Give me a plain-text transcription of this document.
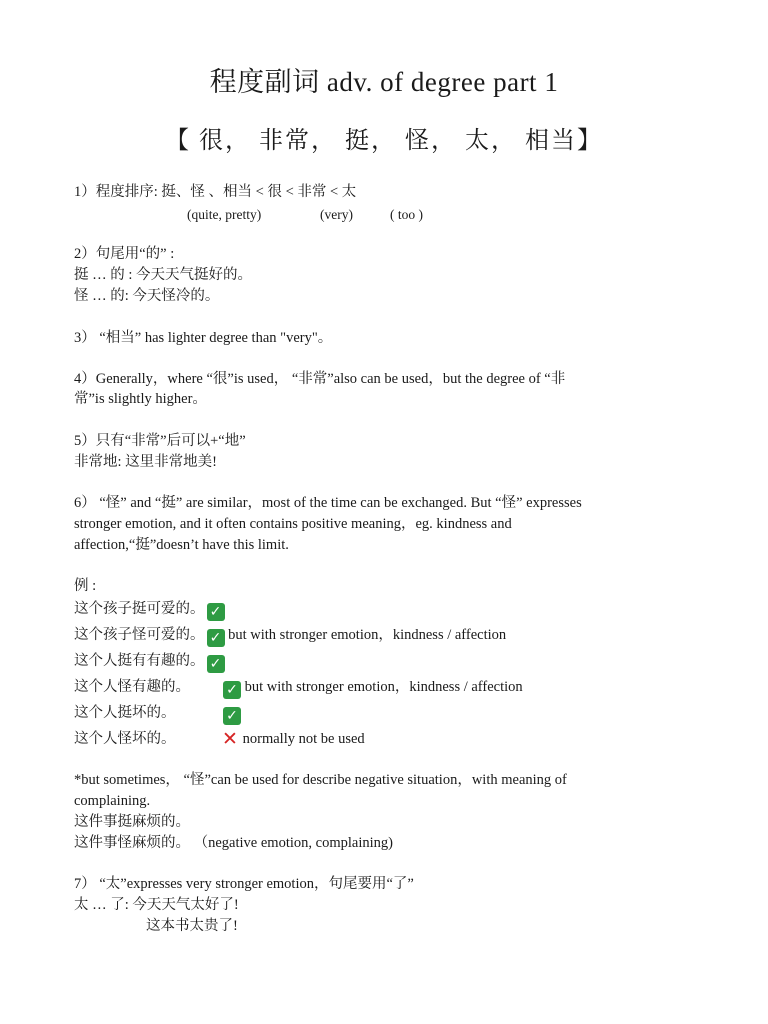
程度副词 adv. of degree part 1
【 很， 非常， 挺， 怪， 太， 相当】
1）程度排序: 挺、怪 、相当 < 很 < 非常 < 太
(quite, pretty)	(very)	( too )
2）句尾用“的” :
挺 … 的 : 今天天气挺好的。
怪 … 的: 今天怪冷的。
3） “相当” has lighter degree than "very"。
4）Generally，where “很”is used， “非常”also can be used，but the degree of “非
常”is slightly higher。
5）只有“非常”后可以+“地”
非常地: 这里非常地美!
6） “怪” and “挺” are similar，most of the time can be exchanged. But “怪” expresses
stronger emotion, and it often contains positive meaning，eg. kindness and
affection,“挺”doesn’t have this limit.
例 :
这个孩子挺可爱的。 ✓
这个孩子怪可爱的。 ✓ but with stronger emotion，kindness / affection
这个人挺有有趣的。 ✓
这个人怪有趣的。	✓ but with stronger emotion，kindness / affection
这个人挺坏的。	✓
这个人怪坏的。 ✕ normally not be used
*but sometimes， “怪”can be used for describe negative situation，with meaning of
complaining.
这件事挺麻烦的。
这件事怪麻烦的。 （negative emotion, complaining)
7） “太”expresses very stronger emotion，句尾要用“了”
太 … 了: 今天天气太好了!
这本书太贵了!
